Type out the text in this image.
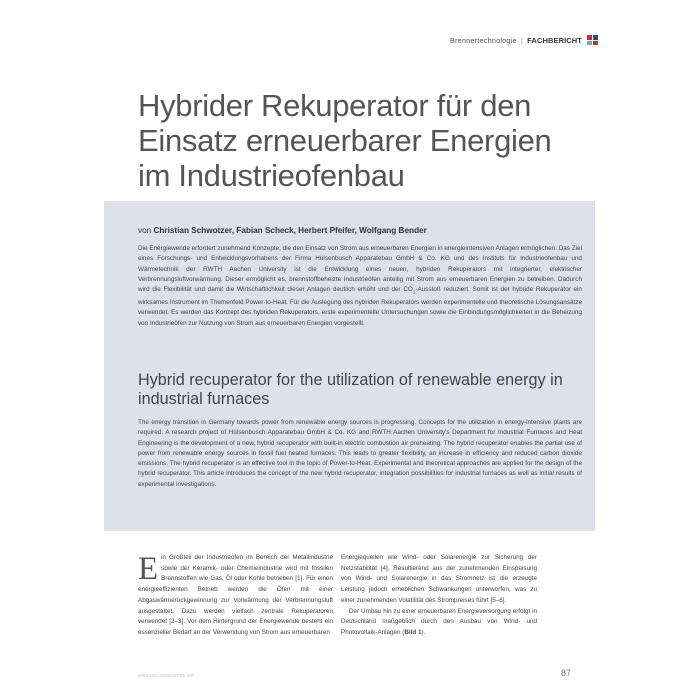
Brennertechnologie | FACHBERICHT
Hybrider Rekuperator für den Einsatz erneuerbarer Energien im Industrieofenbau
von Christian Schwotzer, Fabian Scheck, Herbert Pfeifer, Wolfgang Bender

Die Energiewende erfordert zunehmend Konzepte, die den Einsatz von Strom aus erneuerbaren Energien in energieintensiven Anlagen ermöglichen. Das Ziel eines Forschungs- und Entwicklungsvorhabens der Firma Hülsenbusch Apparatebau GmbH & Co. KG und des Instituts für Industrieofenbau und Wärmetechnik der RWTH Aachen University ist die Entwicklung eines neuen, hybriden Rekuperators mit integrierter, elektrischer Verbrennungsluftvorwärmung. Dieser ermöglicht es, brennstoffbeheizte Industrieöfen anteilig mit Strom aus erneuerbaren Energien zu betreiben. Dadurch wird die Flexibilität und damit die Wirtschaftlichkeit dieser Anlagen deutlich erhöht und der $CO_2$-Ausstoß reduziert. Somit ist der hybride Rekuperator ein wirksames Instrument im Themenfeld Power-to-Heat. Für die Auslegung des hybriden Rekuperators werden experimentelle und theoretische Lösungsansätze verwendet. Es werden das Konzept des hybriden Rekuperators, erste experimentelle Untersuchungen sowie die Einbindungsmöglichkeiten in die Beheizung von Industrieöfen zur Nutzung von Strom aus erneuerbaren Energien vorgestellt.

Hybrid recuperator for the utilization of renewable energy in industrial furnaces

The energy transition in Germany towards power from renewable energy sources is progressing. Concepts for the utilization in energy-intensive plants are required. A research project of Hülsenbusch Apparatebau GmbH & Co. KG and RWTH Aachen University's Department for Industrial Furnaces and Heat Engineering is the development of a new, hybrid recuperator with built-in electric combustion air preheating. The hybrid recuperator enables the partial use of power from renewable energy sources in fossil fuel heated furnaces. This leads to greater flexibility, an increase in efficiency and reduced carbon dioxide emissions. The hybrid recuperator is an effective tool in the topic of Power-to-Heat. Experimental and theoretical approaches are applied for the design of the hybrid recuperator. This article introduces the concept of the new hybrid recuperator, integration possibilities for industrial furnaces as well as initial results of experimental investigations.

E in Großteil der Industrieöfen im Bereich der Metallindustrie sowie der Keramik- oder Chemieindustrie wird mit fossilen Brennstoffen wie Gas, Öl oder Kohle betrieben [1]. Für einen energieeffizienten Betrieb werden die Öfen mit einer Abgaswärmerückgewinnung zur Vorwärmung der Verbrennungsluft ausgestattet. Dazu werden vielfach zentrale Rekuperatoren verwendet [2–3]. Vor dem Hintergrund der Energiewende besteht ein essenzieller Bedarf an der Verwendung von Strom aus erneuerbaren

Energiequellen wie Wind- oder Solarenergie zur Sicherung der Netzstabilität [4]. Resultierend aus der zunehmenden Einspeisung von Wind- und Solarenergie in das Stromnetz ist die erzeugte Leistung jedoch erheblichen Schwankungen unterworfen, was zu einer zunehmenden Volatilität des Strompreises führt [5–6].

Der Umbau hin zu einer erneuerbaren Energieversorgung erfolgt in Deutschland maßgeblich durch den Ausbau von Wind- und Photovoltaik-Anlagen (Bild 1).

www.prozesswaerme.net	87
